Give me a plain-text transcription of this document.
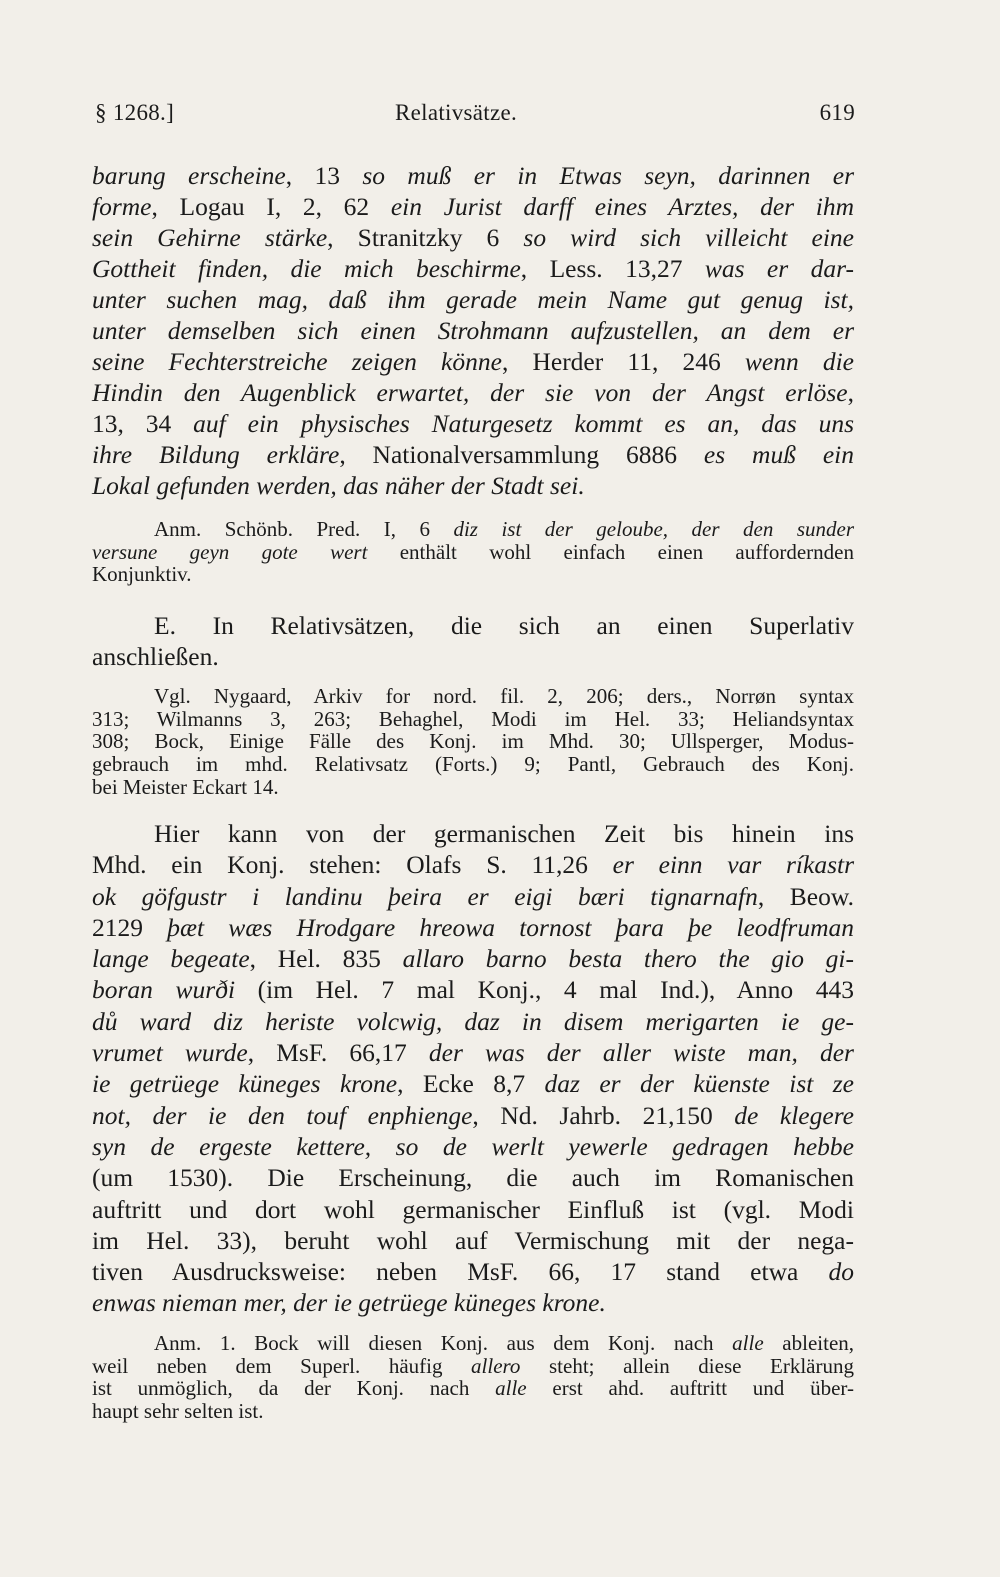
§ 1268.]	Relativsätze.	619
barung erscheine, 13 so muß er in Etwas seyn, darinnen er
forme, Logau I, 2, 62 ein Jurist darff eines Arztes, der ihm
sein Gehirne stärke, Stranitzky 6 so wird sich villeicht eine
Gottheit finden, die mich beschirme, Less. 13,27 was er dar-
unter suchen mag, daß ihm gerade mein Name gut genug ist,
unter demselben sich einen Strohmann aufzustellen, an dem er
seine Fechterstreiche zeigen könne, Herder 11, 246 wenn die
Hindin den Augenblick erwartet, der sie von der Angst erlöse,
13, 34 auf ein physisches Naturgesetz kommt es an, das uns
ihre Bildung erkläre, Nationalversammlung 6886 es muß ein
Lokal gefunden werden, das näher der Stadt sei.
Anm. Schönb. Pred. I, 6 diz ist der geloube, der den sunder
versune geyn gote wert enthält wohl einfach einen auffordernden
Konjunktiv.
E. In Relativsätzen, die sich an einen Superlativ
anschließen.
Vgl. Nygaard, Arkiv for nord. fil. 2, 206; ders., Norrøn syntax
313; Wilmanns 3, 263; Behaghel, Modi im Hel. 33; Heliandsyntax
308; Bock, Einige Fälle des Konj. im Mhd. 30; Ullsperger, Modus-
gebrauch im mhd. Relativsatz (Forts.) 9; Pantl, Gebrauch des Konj.
bei Meister Eckart 14.
Hier kann von der germanischen Zeit bis hinein ins
Mhd. ein Konj. stehen: Olafs S. 11,26 er einn var ríkastr
ok göfgustr i landinu þeira er eigi bæri tignarnafn, Beow.
2129 þæt wæs Hrodgare hreowa tornost þara þe leodfruman
lange begeate, Hel. 835 allaro barno besta thero the gio gi-
boran wurði (im Hel. 7 mal Konj., 4 mal Ind.), Anno 443
dů ward diz heriste volcwig, daz in disem merigarten ie ge-
vrumet wurde, MsF. 66,17 der was der aller wiste man, der
ie getrüege küneges krone, Ecke 8,7 daz er der küenste ist ze
not, der ie den touf enphienge, Nd. Jahrb. 21,150 de klegere
syn de ergeste kettere, so de werlt yewerle gedragen hebbe
(um 1530). Die Erscheinung, die auch im Romanischen
auftritt und dort wohl germanischer Einfluß ist (vgl. Modi
im Hel. 33), beruht wohl auf Vermischung mit der nega-
tiven Ausdrucksweise: neben MsF. 66, 17 stand etwa do
enwas nieman mer, der ie getrüege küneges krone.
Anm. 1. Bock will diesen Konj. aus dem Konj. nach alle ableiten,
weil neben dem Superl. häufig allero steht; allein diese Erklärung
ist unmöglich, da der Konj. nach alle erst ahd. auftritt und über-
haupt sehr selten ist.
